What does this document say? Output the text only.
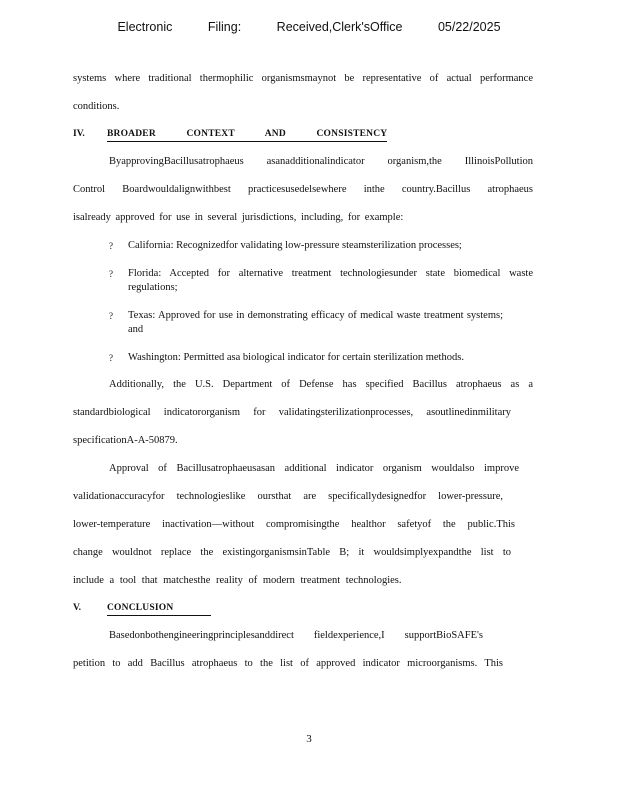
Electronic	Filing:	Received,Clerk'sOffice	05/22/2025

systems where traditional thermophilic organismsmaynot be representative of actual performance

conditions.

IV. BROADER CONTEXT AND CONSISTENCY

ByapprovingBacillusatrophaeus asanadditionalindicator organism,the IllinoisPollution

Control Boardwouldalignwithbest practicesusedelsewhere inthe country.Bacillus atrophaeus

isalready approved for use in several jurisdictions, including, for example:

? California: Recognizedfor validating low-pressure steamsterilization processes;
? Florida: Accepted for alternative treatment technologiesunder state biomedical waste regulations;
? Texas: Approved for use in demonstrating efficacy of medical waste treatment systems; and
? Washington: Permitted asa biological indicator for certain sterilization methods.

Additionally, the U.S. Department of Defense has specified Bacillus atrophaeus as a

standardbiological indicatororganism for validatingsterilizationprocesses, asoutlinedinmilitary

specificationA-A-50879.

Approval of Bacillusatrophaeusasan additional indicator organism wouldalso improve

validationaccuracyfor technologieslike oursthat are specificallydesignedfor lower-pressure,

lower-temperature inactivation—without compromisingthe healthor safetyof the public.This

change wouldnot replace the existingorganismsinTable B; it wouldsimplyexpandthe list to

include a tool that matchesthe reality of modern treatment technologies.

V.	CONCLUSION

Basedonbothengineeringprinciplesanddirect fieldexperience,I supportBioSAFE's

petition to add Bacillus atrophaeus to the list of approved indicator microorganisms. This

3
